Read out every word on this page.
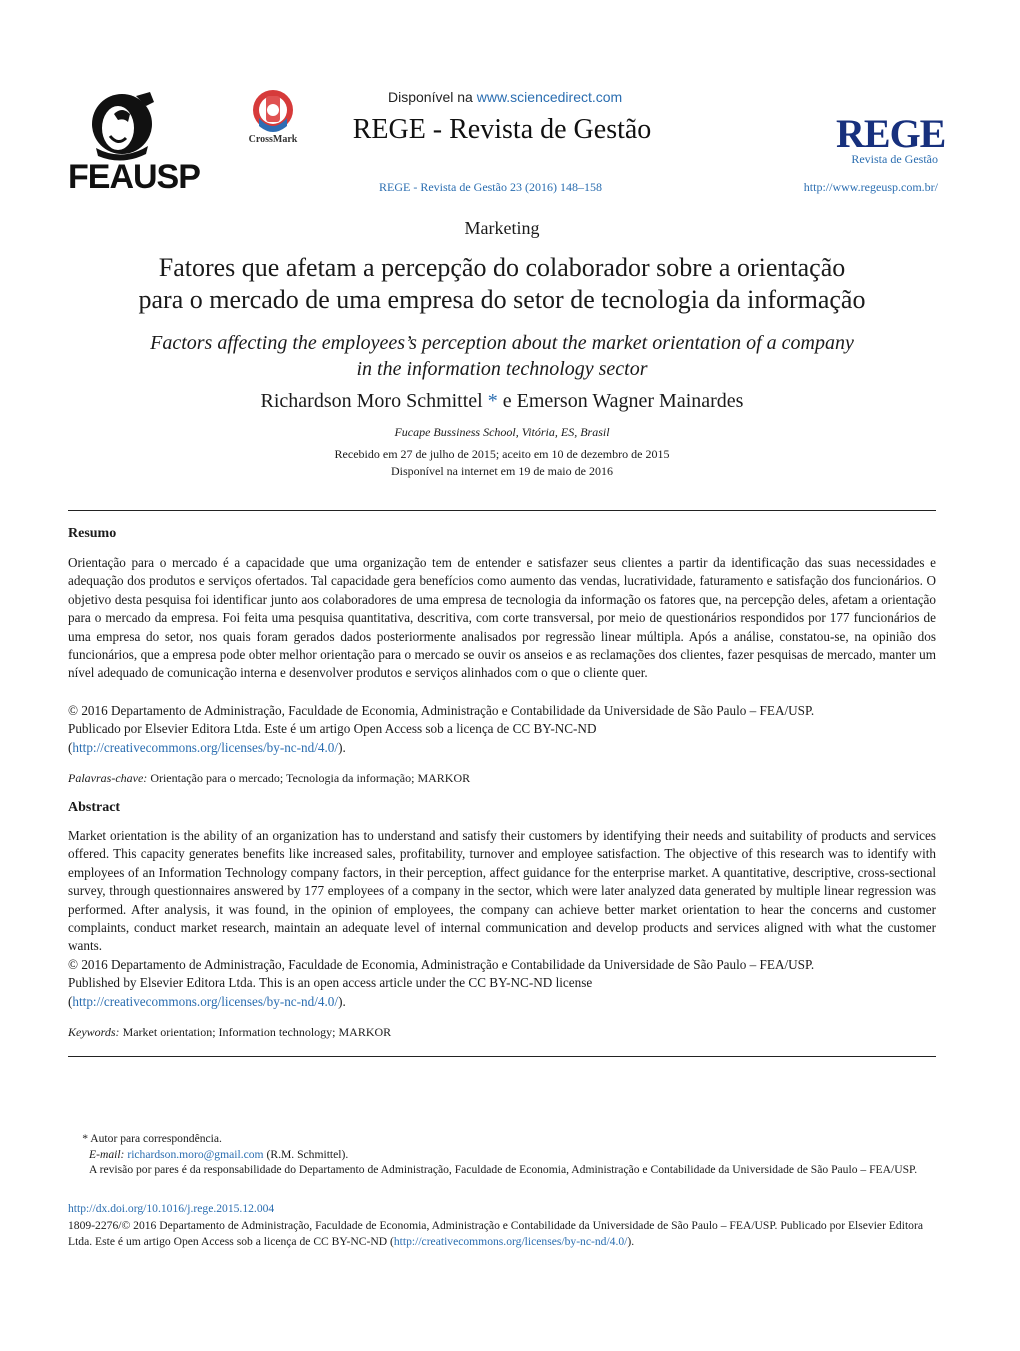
FEAUSP
CrossMark
Disponível na www.sciencedirect.com
REGE - Revista de Gestão
REGE - Revista de Gestão 23 (2016) 148–158
REGE
Revista de Gestão
http://www.regeusp.com.br/
Marketing
Fatores que afetam a percepção do colaborador sobre a orientação
para o mercado de uma empresa do setor de tecnologia da informação
Factors affecting the employees’s perception about the market orientation of a company
in the information technology sector
Richardson Moro Schmittel * e Emerson Wagner Mainardes
Fucape Bussiness School, Vitória, ES, Brasil
Recebido em 27 de julho de 2015; aceito em 10 de dezembro de 2015
Disponível na internet em 19 de maio de 2016
Resumo
Orientação para o mercado é a capacidade que uma organização tem de entender e satisfazer seus clientes a partir da identificação das suas necessidades e adequação dos produtos e serviços ofertados. Tal capacidade gera benefícios como aumento das vendas, lucratividade, faturamento e satisfação dos funcionários. O objetivo desta pesquisa foi identificar junto aos colaboradores de uma empresa de tecnologia da informação os fatores que, na percepção deles, afetam a orientação para o mercado da empresa. Foi feita uma pesquisa quantitativa, descritiva, com corte transversal, por meio de questionários respondidos por 177 funcionários de uma empresa do setor, nos quais foram gerados dados posteriormente analisados por regressão linear múltipla. Após a análise, constatou-se, na opinião dos funcionários, que a empresa pode obter melhor orientação para o mercado se ouvir os anseios e as reclamações dos clientes, fazer pesquisas de mercado, manter um nível adequado de comunicação interna e desenvolver produtos e serviços alinhados com o que o cliente quer.
© 2016 Departamento de Administração, Faculdade de Economia, Administração e Contabilidade da Universidade de São Paulo – FEA/USP.
Publicado por Elsevier Editora Ltda. Este é um artigo Open Access sob a licença de CC BY-NC-ND
(http://creativecommons.org/licenses/by-nc-nd/4.0/).
Palavras-chave: Orientação para o mercado; Tecnologia da informação; MARKOR
Abstract
Market orientation is the ability of an organization has to understand and satisfy their customers by identifying their needs and suitability of products and services offered. This capacity generates benefits like increased sales, profitability, turnover and employee satisfaction. The objective of this research was to identify with employees of an Information Technology company factors, in their perception, affect guidance for the enterprise market. A quantitative, descriptive, cross-sectional survey, through questionnaires answered by 177 employees of a company in the sector, which were later analyzed data generated by multiple linear regression was performed. After analysis, it was found, in the opinion of employees, the company can achieve better market orientation to hear the concerns and customer complaints, conduct market research, maintain an adequate level of internal communication and develop products and services aligned with what the customer wants.
© 2016 Departamento de Administração, Faculdade de Economia, Administração e Contabilidade da Universidade de São Paulo – FEA/USP.
Published by Elsevier Editora Ltda. This is an open access article under the CC BY-NC-ND license
(http://creativecommons.org/licenses/by-nc-nd/4.0/).
Keywords: Market orientation; Information technology; MARKOR
* Autor para correspondência.
E-mail: richardson.moro@gmail.com (R.M. Schmittel).
A revisão por pares é da responsabilidade do Departamento de Administração, Faculdade de Economia, Administração e Contabilidade da Universidade de São Paulo – FEA/USP.
http://dx.doi.org/10.1016/j.rege.2015.12.004
1809-2276/© 2016 Departamento de Administração, Faculdade de Economia, Administração e Contabilidade da Universidade de São Paulo – FEA/USP. Publicado por Elsevier Editora Ltda. Este é um artigo Open Access sob a licença de CC BY-NC-ND (http://creativecommons.org/licenses/by-nc-nd/4.0/).
